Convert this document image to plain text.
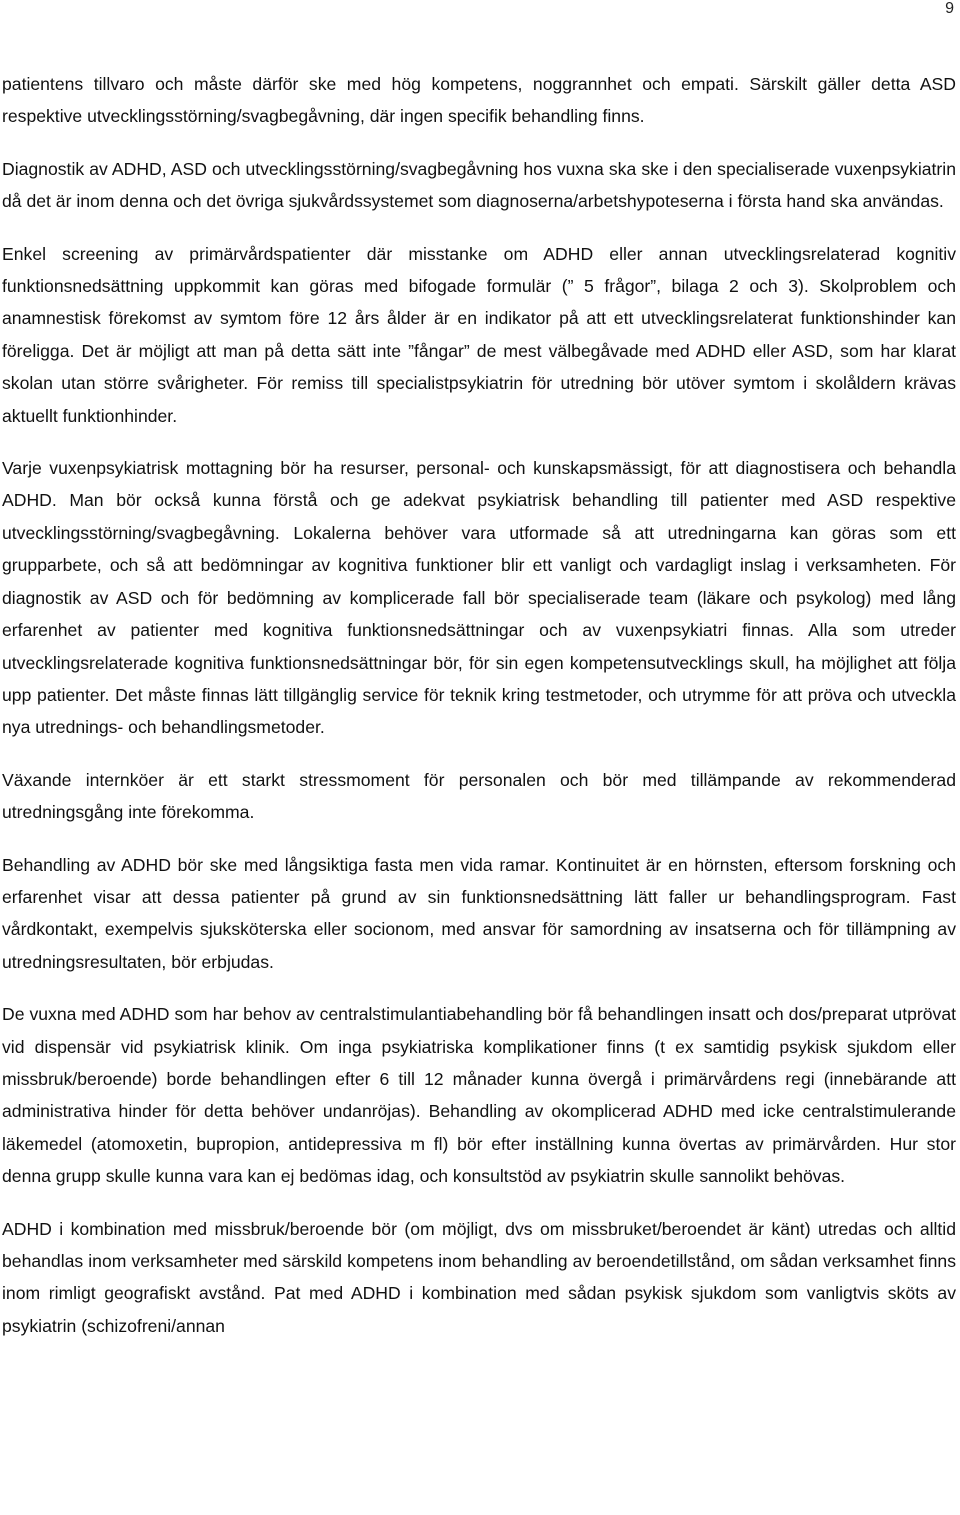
9

patientens tillvaro och måste därför ske med hög kompetens, noggrannhet och empati. Särskilt gäller detta ASD respektive utvecklingsstörning/svagbegåvning, där ingen specifik behandling finns.

Diagnostik av ADHD, ASD och utvecklingsstörning/svagbegåvning hos vuxna ska ske i den specialiserade vuxenpsykiatrin då det är inom denna och det övriga sjukvårdssystemet som diagnoserna/arbetshypoteserna i första hand ska användas.

Enkel screening av primärvårdspatienter där misstanke om ADHD eller annan utvecklingsrelaterad kognitiv funktionsnedsättning uppkommit kan göras med bifogade formulär (” 5 frågor”, bilaga 2 och 3). Skolproblem och anamnestisk förekomst av symtom före 12 års ålder är en indikator på att ett utvecklingsrelaterat funktionshinder kan föreligga. Det är möjligt att man på detta sätt inte ”fångar” de mest välbegåvade med ADHD eller ASD, som har klarat skolan utan större svårigheter. För remiss till specialistpsykiatrin för utredning bör utöver symtom i skolåldern krävas aktuellt funktionhinder.

Varje vuxenpsykiatrisk mottagning bör ha resurser, personal- och kunskapsmässigt, för att diagnostisera och behandla ADHD. Man bör också kunna förstå och ge adekvat psykiatrisk behandling till patienter med ASD respektive utvecklingsstörning/svagbegåvning. Lokalerna behöver vara utformade så att utredningarna kan göras som ett grupparbete, och så att bedömningar av kognitiva funktioner blir ett vanligt och vardagligt inslag i verksamheten. För diagnostik av ASD och för bedömning av komplicerade fall bör specialiserade team (läkare och psykolog) med lång erfarenhet av patienter med kognitiva funktionsnedsättningar och av vuxenpsykiatri finnas. Alla som utreder utvecklingsrelaterade kognitiva funktionsnedsättningar bör, för sin egen kompetensutvecklings skull, ha möjlighet att följa upp patienter. Det måste finnas lätt tillgänglig service för teknik kring testmetoder, och utrymme för att pröva och utveckla nya utrednings- och behandlingsmetoder.

Växande internköer är ett starkt stressmoment för personalen och bör med tillämpande av rekommenderad utredningsgång inte förekomma.

Behandling av ADHD bör ske med långsiktiga fasta men vida ramar. Kontinuitet är en hörnsten, eftersom forskning och erfarenhet visar att dessa patienter på grund av sin funktionsnedsättning lätt faller ur behandlingsprogram. Fast vårdkontakt, exempelvis sjuksköterska eller socionom, med ansvar för samordning av insatserna och för tillämpning av utredningsresultaten, bör erbjudas.

De vuxna med ADHD som har behov av centralstimulantiabehandling bör få behandlingen insatt och dos/preparat utprövat vid dispensär vid psykiatrisk klinik. Om inga psykiatriska komplikationer finns (t ex samtidig psykisk sjukdom eller missbruk/beroende) borde behandlingen efter 6 till 12 månader kunna övergå i primärvårdens regi (innebärande att administrativa hinder för detta behöver undanröjas). Behandling av okomplicerad ADHD med icke centralstimulerande läkemedel (atomoxetin, bupropion, antidepressiva m fl) bör efter inställning kunna övertas av primärvården. Hur stor denna grupp skulle kunna vara kan ej bedömas idag, och konsultstöd av psykiatrin skulle sannolikt behövas.

ADHD i kombination med missbruk/beroende bör (om möjligt, dvs om missbruket/beroendet är känt) utredas och alltid behandlas inom verksamheter med särskild kompetens inom behandling av beroendetillstånd, om sådan verksamhet finns inom rimligt geografiskt avstånd. Pat med ADHD i kombination med sådan psykisk sjukdom som vanligtvis sköts av psykiatrin (schizofreni/annan
